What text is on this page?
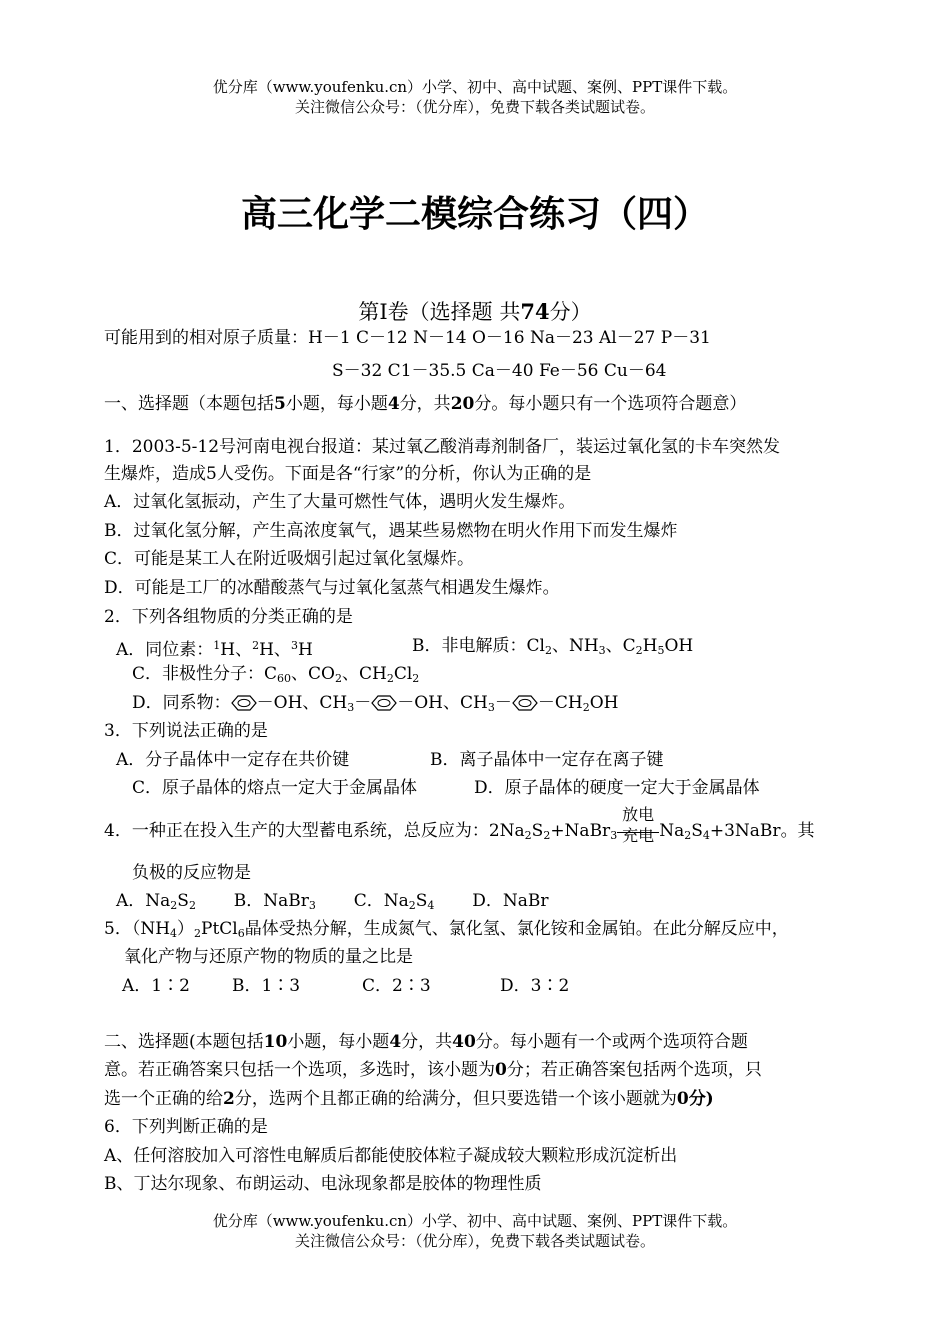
优分库（www.youfenku.cn）小学、初中、高中试题、案例、PPT课件下载。
关注微信公众号：（优分库），免费下载各类试题试卷。
高三化学二模综合练习（四）
第Ⅰ卷（选择题 共74分）
可能用到的相对原子质量：H－1 C－12 N－14 O－16 Na－23 Al－27 P－31
S－32 C1－35.5 Ca－40 Fe－56 Cu－64
一、选择题（本题包括5小题，每小题4分，共20分。每小题只有一个选项符合题意）
1．2003-5-12号河南电视台报道：某过氧乙酸消毒剂制备厂，装运过氧化氢的卡车突然发
生爆炸，造成5人受伤。下面是各“行家”的分析，你认为正确的是
A．过氧化氢振动，产生了大量可燃性气体，遇明火发生爆炸。
B．过氧化氢分解，产生高浓度氧气，遇某些易燃物在明火作用下而发生爆炸
C．可能是某工人在附近吸烟引起过氧化氢爆炸。
D．可能是工厂的冰醋酸蒸气与过氧化氢蒸气相遇发生爆炸。
2．下列各组物质的分类正确的是
A．同位素：$^1$H、$^2$H、$^3$H	B．非电解质：$Cl_2$、$NH_3$、$C_2H_5OH$
C．非极性分子：$C_{60}$、$CO_2$、$CH_2Cl_2$
D．同系物： －OH、$CH_3- -OH$、$CH_3- -CH_2OH$
3．下列说法正确的是
A．分子晶体中一定存在共价键	B．离子晶体中一定存在离子键
C．原子晶体的熔点一定大于金属晶体	D．原子晶体的硬度一定大于金属晶体
4．一种正在投入生产的大型蓄电系统，总反应为：$2Na_2S_2+NaBr_3 \frac{\text{放电}}{\text{充电}}$ $Na_2S_4+3NaBr$。其
负极的反应物是
A．$Na_2S_2$       B．NaBr$_3$       C．$Na_2S_4$       D．NaBr
5．$(NH_4)_2PtCl_6$晶体受热分解，生成氮气、氯化氢、氯化铵和金属铂。在此分解反应中，
氧化产物与还原产物的物质的量之比是
A．1∶2 B．1∶3	C．2∶3	D．3∶2
二、选择题(本题包括10小题，每小题4分，共40分。每小题有一个或两个选项符合题
意。若正确答案只包括一个选项，多选时，该小题为0分；若正确答案包括两个选项，只
选一个正确的给2分，选两个且都正确的给满分，但只要选错一个该小题就为0分)
6．下列判断正确的是
A、任何溶胶加入可溶性电解质后都能使胶体粒子凝成较大颗粒形成沉淀析出
B、丁达尔现象、布朗运动、电泳现象都是胶体的物理性质
优分库（www.youfenku.cn）小学、初中、高中试题、案例、PPT课件下载。
关注微信公众号：（优分库），免费下载各类试题试卷。
